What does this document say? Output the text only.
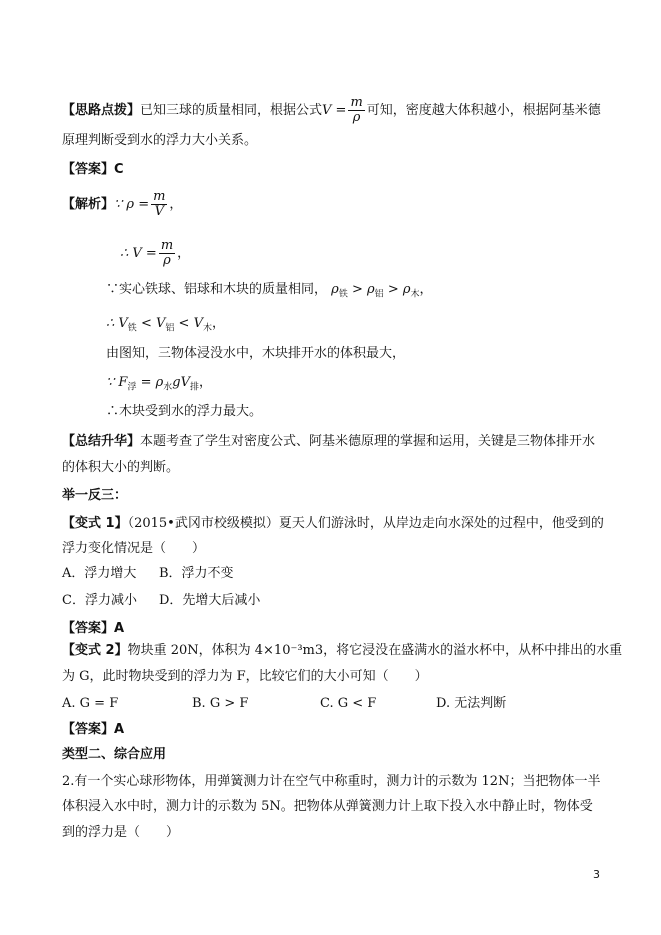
【思路点拨】已知三球的质量相同，根据公式$V = \frac{m}{\rho}$ 可知，密度越大体积越小，根据阿基米德
原理判断受到水的浮力大小关系。
【答案】C
【解析】∵ $\rho = \frac{m}{V}$ ，
∴ $V = \frac{m}{\rho}$ ，
∵实心铁球、铝球和木块的质量相同， $\rho_铁 > \rho_铝 > \rho_木$，
∴ $V_铁 < V_铝 < V_木$，
由图知，三物体浸没水中，木块排开水的体积最大，
∵ $F_浮 = \rho_水gV_排$，
∴木块受到水的浮力最大。
【总结升华】本题考查了学生对密度公式、阿基米德原理的掌握和运用，关键是三物体排开水
的体积大小的判断。
举一反三：
【变式 1】（2015•武冈市校级模拟）夏天人们游泳时，从岸边走向水深处的过程中，他受到的
浮力变化情况是（　　）
A．浮力增大 B．浮力不变
C．浮力减小 D．先增大后减小
【答案】A
【变式 2】物块重 20N，体积为 4×10⁻³m3，将它浸没在盛满水的溢水杯中，从杯中排出的水重
为 G，此时物块受到的浮力为 F，比较它们的大小可知（　　）
A. G = F	B. G > F	C. G < F	D. 无法判断
【答案】A
类型二、综合应用
2.有一个实心球形物体，用弹簧测力计在空气中称重时，测力计的示数为 12N；当把物体一半
体积浸入水中时，测力计的示数为 5N。把物体从弹簧测力计上取下投入水中静止时，物体受
到的浮力是（　　）
3
